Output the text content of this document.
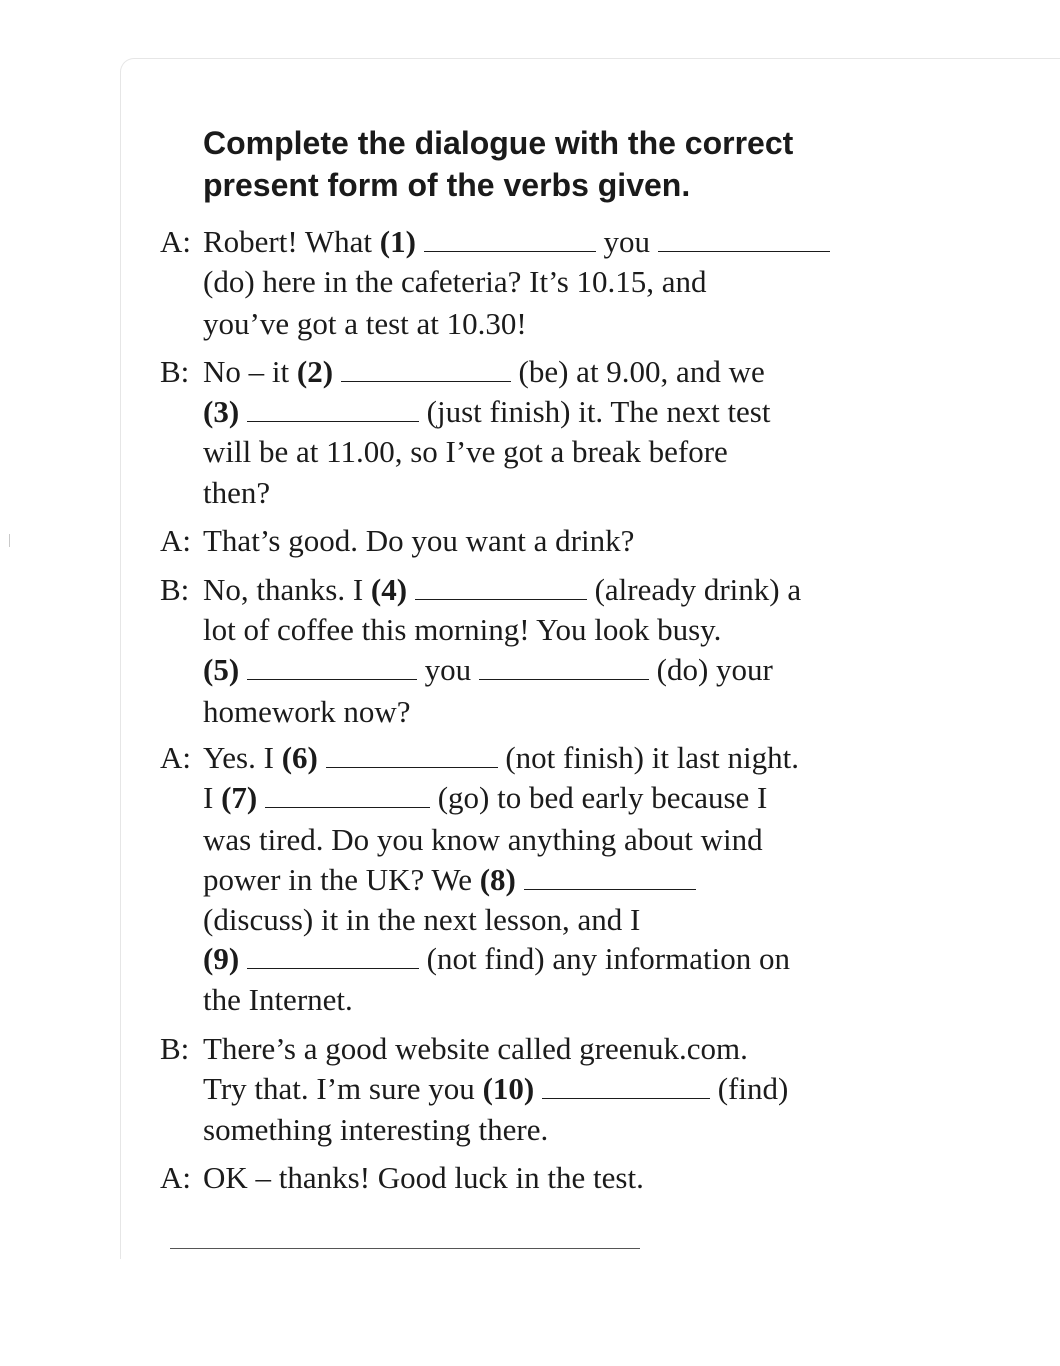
Complete the dialogue with the correct
present form of the verbs given.
A: Robert! What (1)	you
(do) here in the cafeteria? It’s 10.15, and
you’ve got a test at 10.30!
B: No – it (2)	(be) at 9.00, and we
(3)	(just finish) it. The next test
will be at 11.00, so I’ve got a break before
then?
A: That’s good. Do you want a drink?
B: No, thanks. I (4)	(already drink) a
lot of coffee this morning! You look busy.
(5)	you	(do) your
homework now?
A: Yes. I (6)	(not finish) it last night.
I (7)	(go) to bed early because I
was tired. Do you know anything about wind
power in the UK? We (8)
(discuss) it in the next lesson, and I
(9)	(not find) any information on
the Internet.
B: There’s a good website called greenuk.com.
Try that. I’m sure you (10)	(find)
something interesting there.
A: OK – thanks! Good luck in the test.
